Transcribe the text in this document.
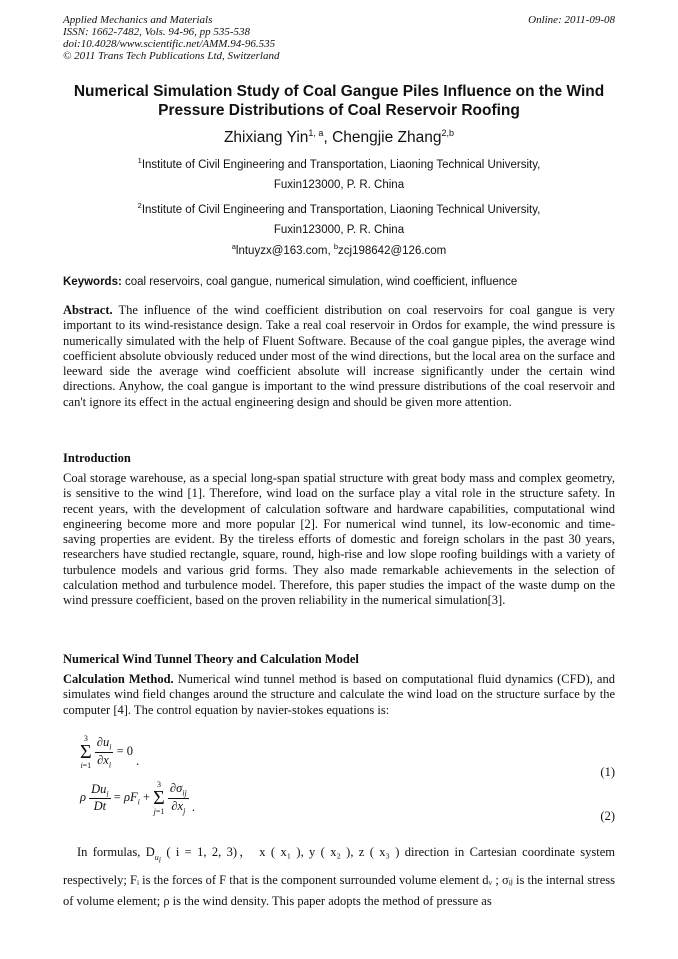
Applied Mechanics and Materials
ISSN: 1662-7482, Vols. 94-96, pp 535-538
doi:10.4028/www.scientific.net/AMM.94-96.535
© 2011 Trans Tech Publications Ltd, Switzerland
Online: 2011-09-08
Numerical Simulation Study of Coal Gangue Piles Influence on the Wind
Pressure Distributions of Coal Reservoir Roofing
Zhixiang Yin$^{1, a}$, Chengjie Zhang$^{2,b}$
$^1$Institute of Civil Engineering and Transportation, Liaoning Technical University,
Fuxin123000, P. R. China
$^2$Institute of Civil Engineering and Transportation, Liaoning Technical University,
Fuxin123000, P. R. China
$^a$lntuyzx@163.com, $^b$zcj198642@126.com
Keywords: coal reservoirs, coal gangue, numerical simulation, wind coefficient, influence
Abstract. The influence of the wind coefficient distribution on coal reservoirs for coal gangue is very important to its wind-resistance design. Take a real coal reservoir in Ordos for example, the wind pressure is numerically simulated with the help of Fluent Software. Because of the coal gangue piples, the average wind coefficient absolute obviously reduced under most of the wind directions, but the local area on the surface and leeward side the average wind coefficient absolute will increase significantly under the certain wind directions. Anyhow, the coal gangue is important to the wind pressure distributions of the coal reservoir and can't ignore its effect in the actual engineering design and should be given more attention.
Introduction
Coal storage warehouse, as a special long-span spatial structure with great body mass and complex geometry, is sensitive to the wind [1]. Therefore, wind load on the surface play a vital role in the structure safety. In recent years, with the development of calculation software and hardware capabilities, computational wind engineering become more and more popular [2]. For numerical wind tunnel, its low-economic and time-saving properties are evident. By the tireless efforts of domestic and foreign scholars in the past 30 years, researchers have studied rectangle, square, round, high-rise and low slope roofing buildings with a variety of turbulence models and various grid forms. They also made remarkable achievements in the selection of calculation method and turbulence model. Therefore, this paper studies the impact of the waste dump on the wind pressure coefficient, based on the proven reliability in the numerical simulation[3].
Numerical Wind Tunnel Theory and Calculation Model
Calculation Method. Numerical wind tunnel method is based on computational fluid dynamics (CFD), and simulates wind field changes around the structure and calculate the wind load on the structure surface by the computer [4]. The control equation by navier-stokes equations is:
3
Σ
i=1
$\frac{\partial u_i}{\partial x_i} = 0$ .
(1)
ρ $\frac{Du_i}{Dt} = \rho F_i$ +
3
Σ
j=1
$\frac{\partial\sigma_{ij}}{\partial x_j}$ .
(2)
In formulas, $D_{u_i}$ ( i = 1, 2, 3)， x ( x₁ ), y ( x₂ ), z ( x₃ ) direction in Cartesian coordinate system respectively; Fᵢ is the forces of F that is the component surrounded volume element dᵥ ; σᵢⱼ is the internal stress of volume element; ρ is the wind density. This paper adopts the method of pressure as
